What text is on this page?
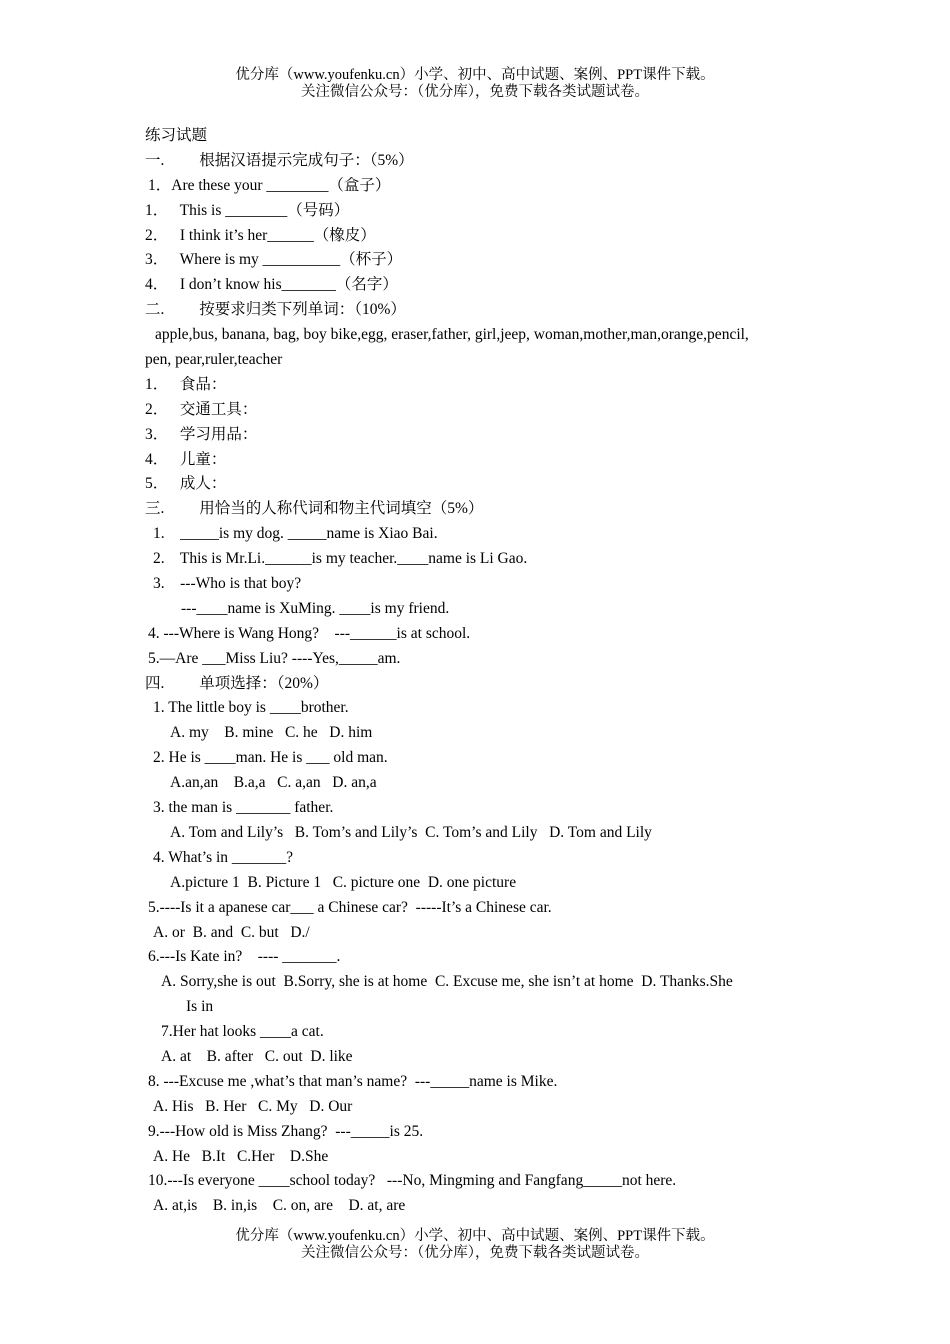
优分库（www.youfenku.cn）小学、初中、高中试题、案例、PPT课件下载。
关注微信公众号：（优分库），免费下载各类试题试卷。
练习试题
一.         根据汉语提示完成句子：（5%）
1．Are these your ________（盒子）
1．   This is ________（号码）
2．   I think it’s her______（橡皮）
3．   Where is my __________（杯子）
4．   I don’t know his_______（名字）
二.         按要求归类下列单词：（10%）
apple,bus, banana, bag, boy bike,egg, eraser,father, girl,jeep, woman,mother,man,orange,pencil,
pen, pear,ruler,teacher
1．   食品：
2．   交通工具：
3．   学习用品：
4．   儿童：
5．   成人：
三.         用恰当的人称代词和物主代词填空（5%）
1.    _____is my dog. _____name is Xiao Bai.
2.    This is Mr.Li.______is my teacher.____name is Li Gao.
3.    ---Who is that boy?
---____name is XuMing. ____is my friend.
4. ---Where is Wang Hong?    ---______is at school.
5.—Are ___Miss Liu? ----Yes,_____am.
四.         单项选择：（20%）
1. The little boy is ____brother.
A. my    B. mine   C. he   D. him
2. He is ____man. He is ___ old man.
A.an,an    B.a,a   C. a,an   D. an,a
3. the man is _______ father.
A. Tom and Lily’s   B. Tom’s and Lily’s  C. Tom’s and Lily   D. Tom and Lily
4. What’s in _______?
A.picture 1  B. Picture 1   C. picture one  D. one picture
5.----Is it a apanese car___ a Chinese car?  -----It’s a Chinese car.
A. or  B. and  C. but   D./
6.---Is Kate in?    ---- _______.
A. Sorry,she is out  B.Sorry, she is at home  C. Excuse me, she isn’t at home  D. Thanks.She
Is in
7.Her hat looks ____a cat.
A. at    B. after   C. out  D. like
8. ---Excuse me ,what’s that man’s name?  ---_____name is Mike.
A. His   B. Her   C. My   D. Our
9.---How old is Miss Zhang?  ---_____is 25.
A. He   B.It   C.Her    D.She
10.---Is everyone ____school today?   ---No, Mingming and Fangfang_____not here.
A. at,is    B. in,is    C. on, are    D. at, are
优分库（www.youfenku.cn）小学、初中、高中试题、案例、PPT课件下载。
关注微信公众号：（优分库），免费下载各类试题试卷。
